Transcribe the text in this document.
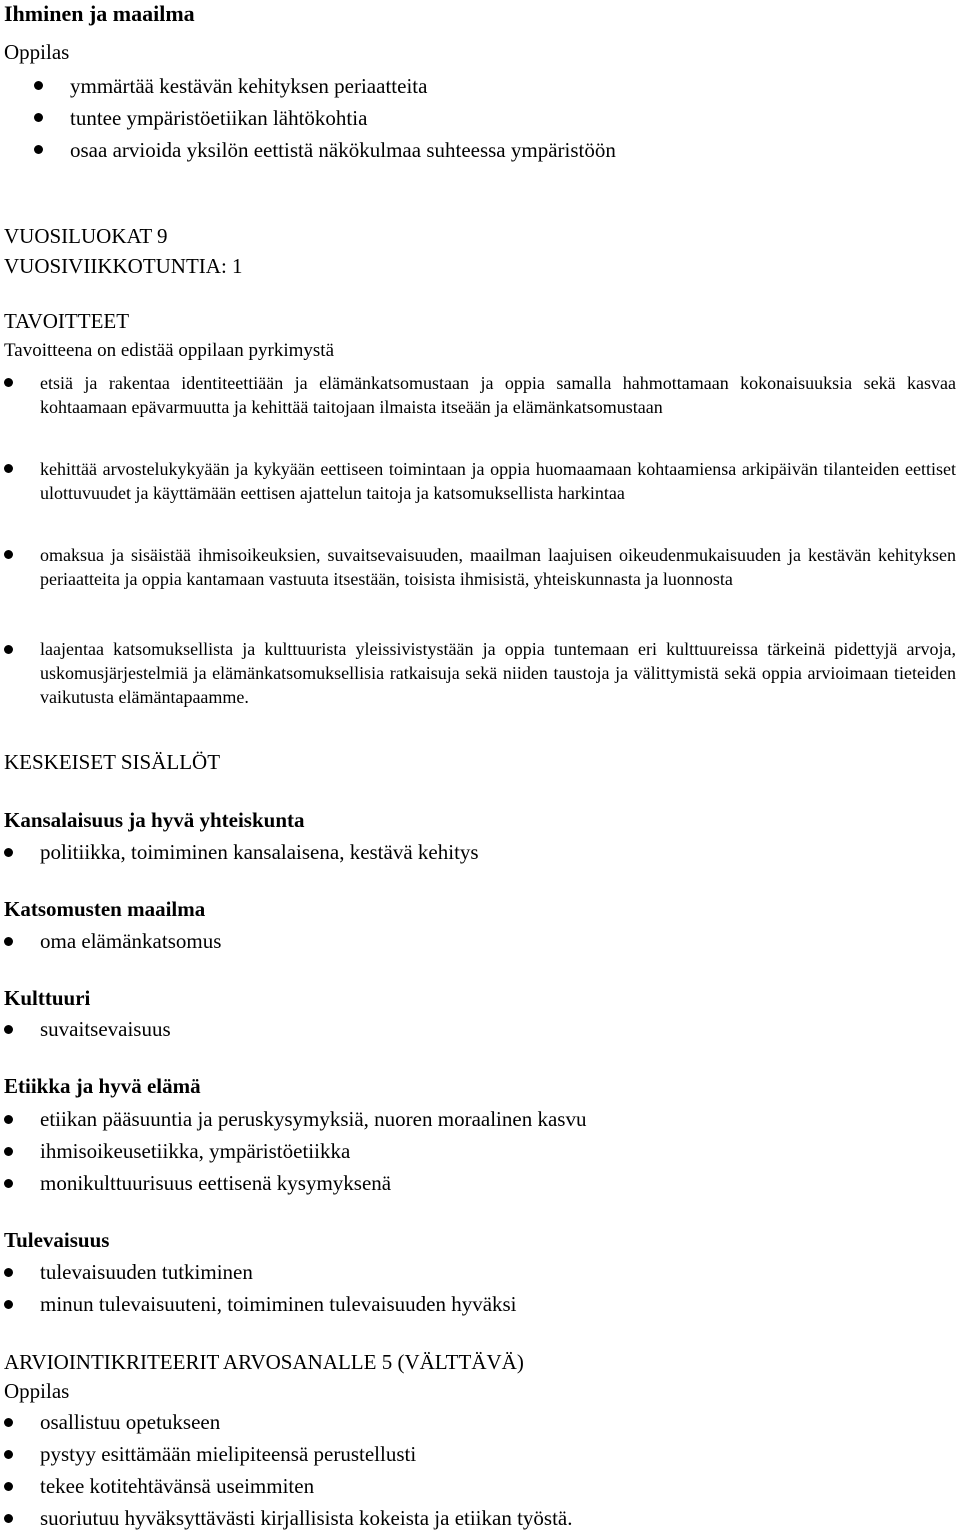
Ihminen ja maailma
Oppilas
ymmärtää kestävän kehityksen periaatteita
tuntee ympäristöetiikan lähtökohtia
osaa arvioida yksilön eettistä näkökulmaa suhteessa ympäristöön
VUOSILUOKAT 9
VUOSIVIIKKOTUNTIA: 1
TAVOITTEET
Tavoitteena on edistää oppilaan pyrkimystä
etsiä ja rakentaa identiteettiään ja elämänkatsomustaan ja oppia samalla hahmottamaan kokonaisuuksia sekä kasvaa kohtaamaan epävarmuutta ja kehittää taitojaan ilmaista itseään ja elämänkatsomustaan
kehittää arvostelukykyään ja kykyään eettiseen toimintaan ja oppia huomaamaan kohtaamiensa arkipäivän tilanteiden eettiset ulottuvuudet ja käyttämään eettisen ajattelun taitoja ja katsomuksellista harkintaa
omaksua ja sisäistää ihmisoikeuksien, suvaitsevaisuuden, maailman laajuisen oikeudenmukaisuuden ja kestävän kehityksen periaatteita ja oppia kantamaan vastuuta itsestään, toisista ihmisistä, yhteiskunnasta ja luonnosta
laajentaa katsomuksellista ja kulttuurista yleissivistystään ja oppia tuntemaan eri kulttuureissa tärkeinä pidettyjä arvoja, uskomusjärjestelmiä ja elämänkatsomuksellisia ratkaisuja sekä niiden taustoja ja välittymistä sekä oppia arvioimaan tieteiden vaikutusta elämäntapaamme.
KESKEISET SISÄLLÖT
Kansalaisuus ja hyvä yhteiskunta
politiikka, toimiminen kansalaisena, kestävä kehitys
Katsomusten maailma
oma elämänkatsomus
Kulttuuri
suvaitsevaisuus
Etiikka ja hyvä elämä
etiikan pääsuuntia ja peruskysymyksiä, nuoren moraalinen kasvu
ihmisoikeusetiikka, ympäristöetiikka
monikulttuurisuus eettisenä kysymyksenä
Tulevaisuus
tulevaisuuden tutkiminen
minun tulevaisuuteni, toimiminen tulevaisuuden hyväksi
ARVIOINTIKRITEERIT ARVOSANALLE 5 (VÄLTTÄVÄ)
Oppilas
osallistuu opetukseen
pystyy esittämään mielipiteensä perustellusti
tekee kotitehtävänsä useimmiten
suoriutuu hyväksyttävästi kirjallisista kokeista ja etiikan työstä.
